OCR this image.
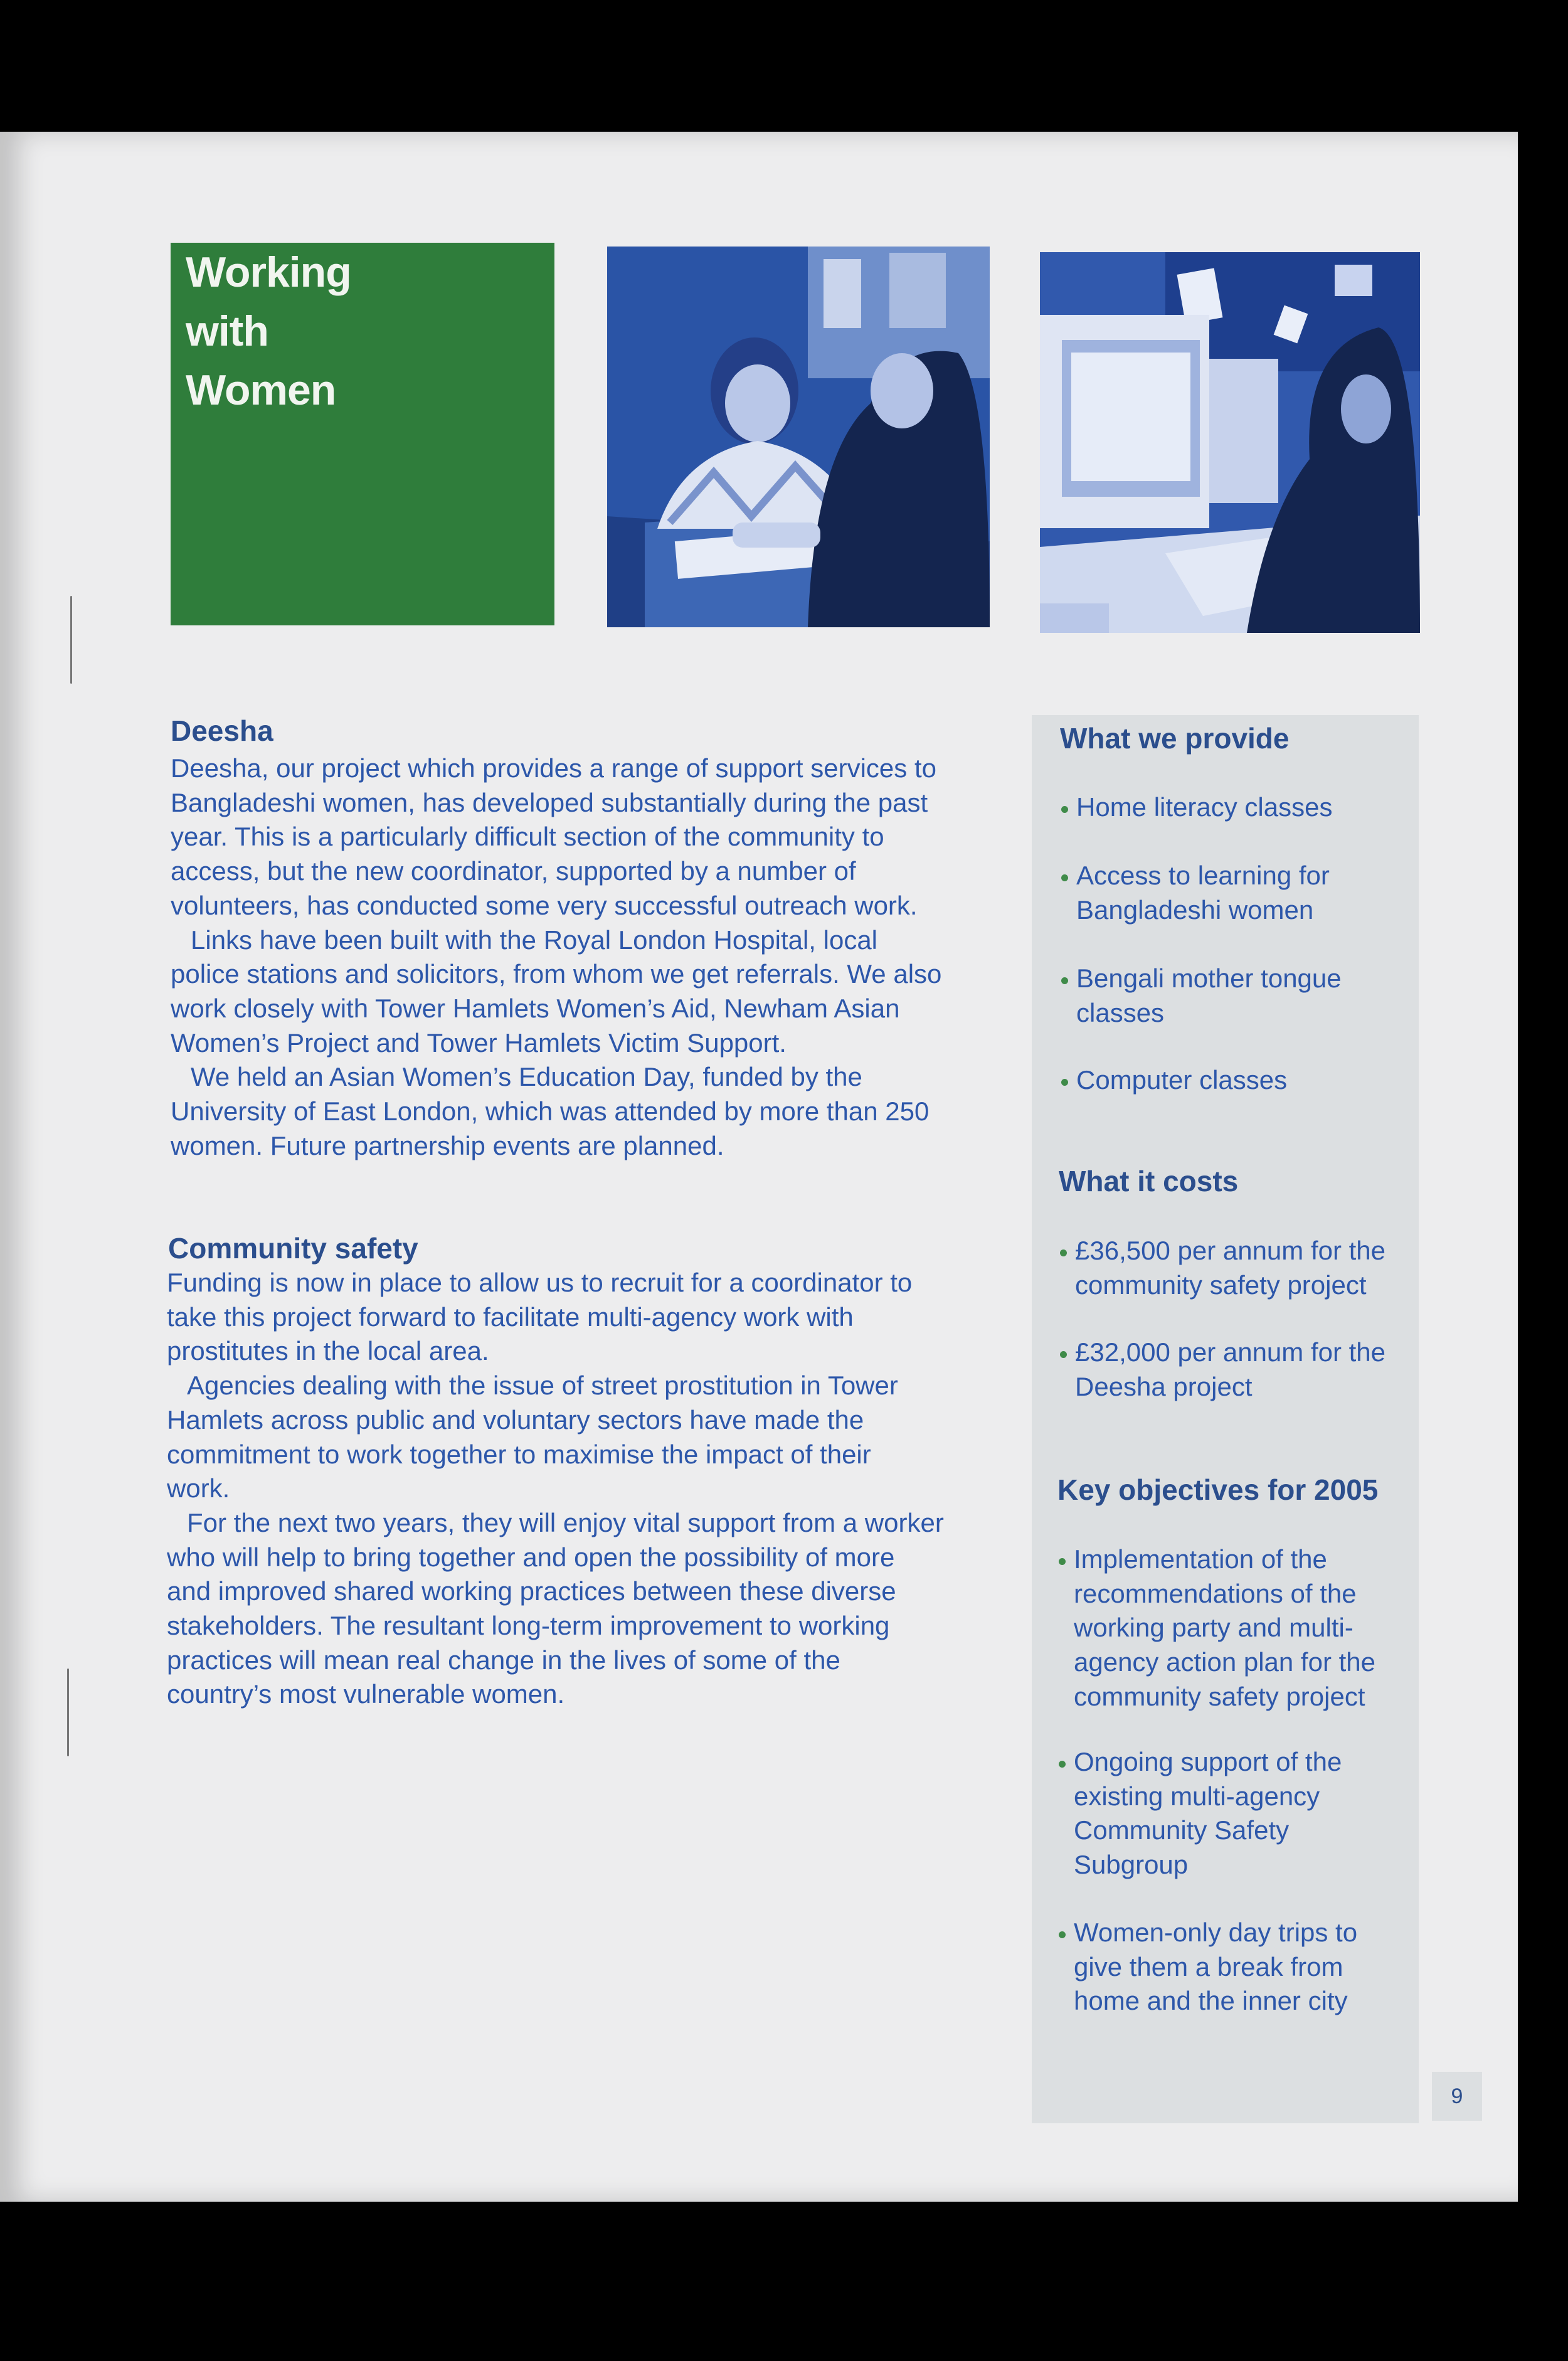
Working
with
Women
Deesha
Deesha, our project which provides a range of support services to
Bangladeshi women, has developed substantially during the past
year. This is a particularly difficult section of the community to
access, but the new coordinator, supported by a number of
volunteers, has conducted some very successful outreach work.
Links have been built with the Royal London Hospital, local
police stations and solicitors, from whom we get referrals. We also
work closely with Tower Hamlets Women’s Aid, Newham Asian
Women’s Project and Tower Hamlets Victim Support.
We held an Asian Women’s Education Day, funded by the
University of East London, which was attended by more than 250
women. Future partnership events are planned.
Community safety
Funding is now in place to allow us to recruit for a coordinator to
take this project forward to facilitate multi-agency work with
prostitutes in the local area.
Agencies dealing with the issue of street prostitution in Tower
Hamlets across public and voluntary sectors have made the
commitment to work together to maximise the impact of their
work.
For the next two years, they will enjoy vital support from a worker
who will help to bring together and open the possibility of more
and improved shared working practices between these diverse
stakeholders. The resultant long-term improvement to working
practices will mean real change in the lives of some of the
country’s most vulnerable women.
What we provide
What it costs
Key objectives for 2005
Home literacy classes
Access to learning for
Bangladeshi women
Bengali mother tongue
classes
Computer classes
£36,500 per annum for the
community safety project
£32,000 per annum for the
Deesha project
Implementation of the
recommendations of the
working party and multi-
agency action plan for the
community safety project
Ongoing support of the
existing multi-agency
Community Safety
Subgroup
Women-only day trips to
give them a break from
home and the inner city
9
